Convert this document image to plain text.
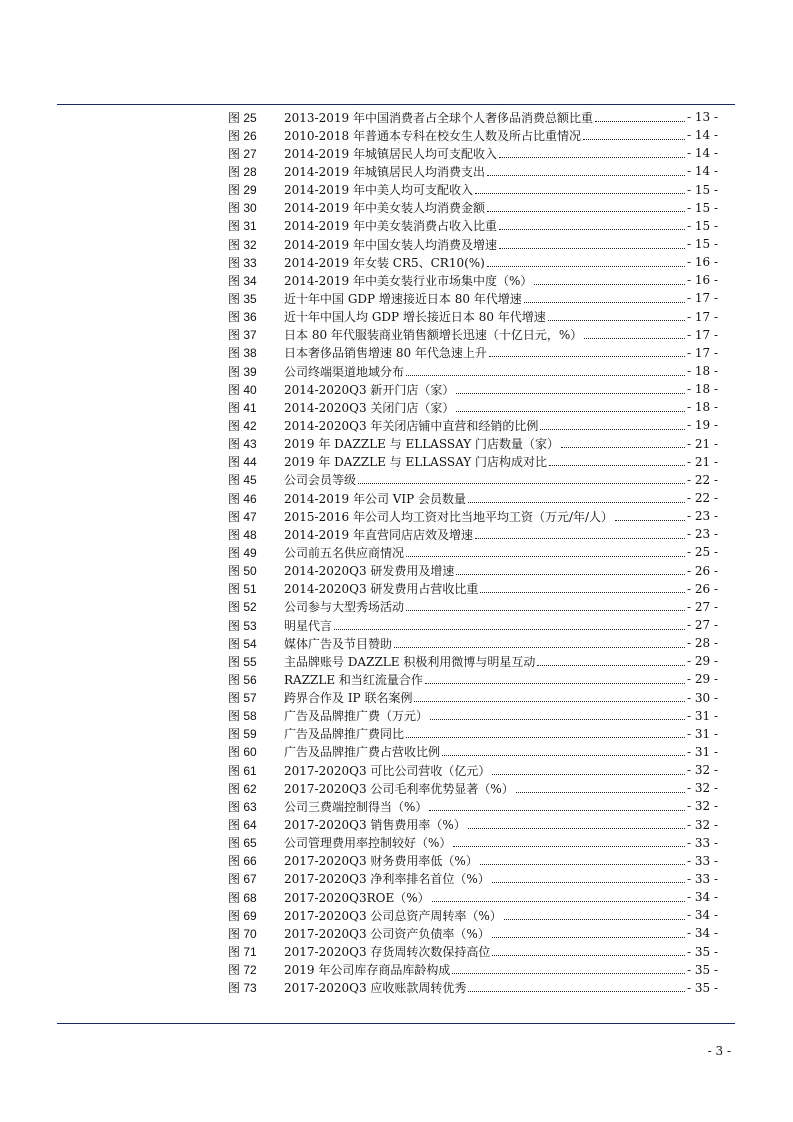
图 25	2013-2019 年中国消费者占全球个人奢侈品消费总额比重	- 13 -
图 26	2010-2018 年普通本专科在校女生人数及所占比重情况	- 14 -
图 27	2014-2019 年城镇居民人均可支配收入	- 14 -
图 28	2014-2019 年城镇居民人均消费支出	- 14 -
图 29	2014-2019 年中美人均可支配收入	- 15 -
图 30	2014-2019 年中美女装人均消费金额	- 15 -
图 31	2014-2019 年中美女装消费占收入比重	- 15 -
图 32	2014-2019 年中国女装人均消费及增速	- 15 -
图 33	2014-2019 年女装 CR5、CR10(%)	- 16 -
图 34	2014-2019 年中美女装行业市场集中度（%）	- 16 -
图 35	近十年中国 GDP 增速接近日本 80 年代增速	- 17 -
图 36	近十年中国人均 GDP 增长接近日本 80 年代增速	- 17 -
图 37	日本 80 年代服装商业销售额增长迅速（十亿日元，%）	- 17 -
图 38	日本奢侈品销售增速 80 年代急速上升	- 17 -
图 39	公司终端渠道地域分布	- 18 -
图 40	2014-2020Q3 新开门店（家）	- 18 -
图 41	2014-2020Q3 关闭门店（家）	- 18 -
图 42	2014-2020Q3 年关闭店铺中直营和经销的比例	- 19 -
图 43	2019 年 DAZZLE 与 ELLASSAY 门店数量（家）	- 21 -
图 44	2019 年 DAZZLE 与 ELLASSAY 门店构成对比	- 21 -
图 45	公司会员等级	- 22 -
图 46	2014-2019 年公司 VIP 会员数量	- 22 -
图 47	2015-2016 年公司人均工资对比当地平均工资（万元/年/人）	- 23 -
图 48	2014-2019 年直营同店店效及增速	- 23 -
图 49	公司前五名供应商情况	- 25 -
图 50	2014-2020Q3 研发费用及增速	- 26 -
图 51	2014-2020Q3 研发费用占营收比重	- 26 -
图 52	公司参与大型秀场活动	- 27 -
图 53	明星代言	- 27 -
图 54	媒体广告及节目赞助	- 28 -
图 55	主品牌账号 DAZZLE 积极利用微博与明星互动	- 29 -
图 56	RAZZLE 和当红流量合作	- 29 -
图 57	跨界合作及 IP 联名案例	- 30 -
图 58	广告及品牌推广费（万元）	- 31 -
图 59	广告及品牌推广费同比	- 31 -
图 60	广告及品牌推广费占营收比例	- 31 -
图 61	2017-2020Q3 可比公司营收（亿元）	- 32 -
图 62	2017-2020Q3 公司毛利率优势显著（%）	- 32 -
图 63	公司三费端控制得当（%）	- 32 -
图 64	2017-2020Q3 销售费用率（%）	- 32 -
图 65	公司管理费用率控制较好（%）	- 33 -
图 66	2017-2020Q3 财务费用率低（%）	- 33 -
图 67	2017-2020Q3 净利率排名首位（%）	- 33 -
图 68	2017-2020Q3ROE（%）	- 34 -
图 69	2017-2020Q3 公司总资产周转率（%）	- 34 -
图 70	2017-2020Q3 公司资产负债率（%）	- 34 -
图 71	2017-2020Q3 存货周转次数保持高位	- 35 -
图 72	2019 年公司库存商品库龄构成	- 35 -
图 73	2017-2020Q3 应收账款周转优秀	- 35 -
- 3 -
